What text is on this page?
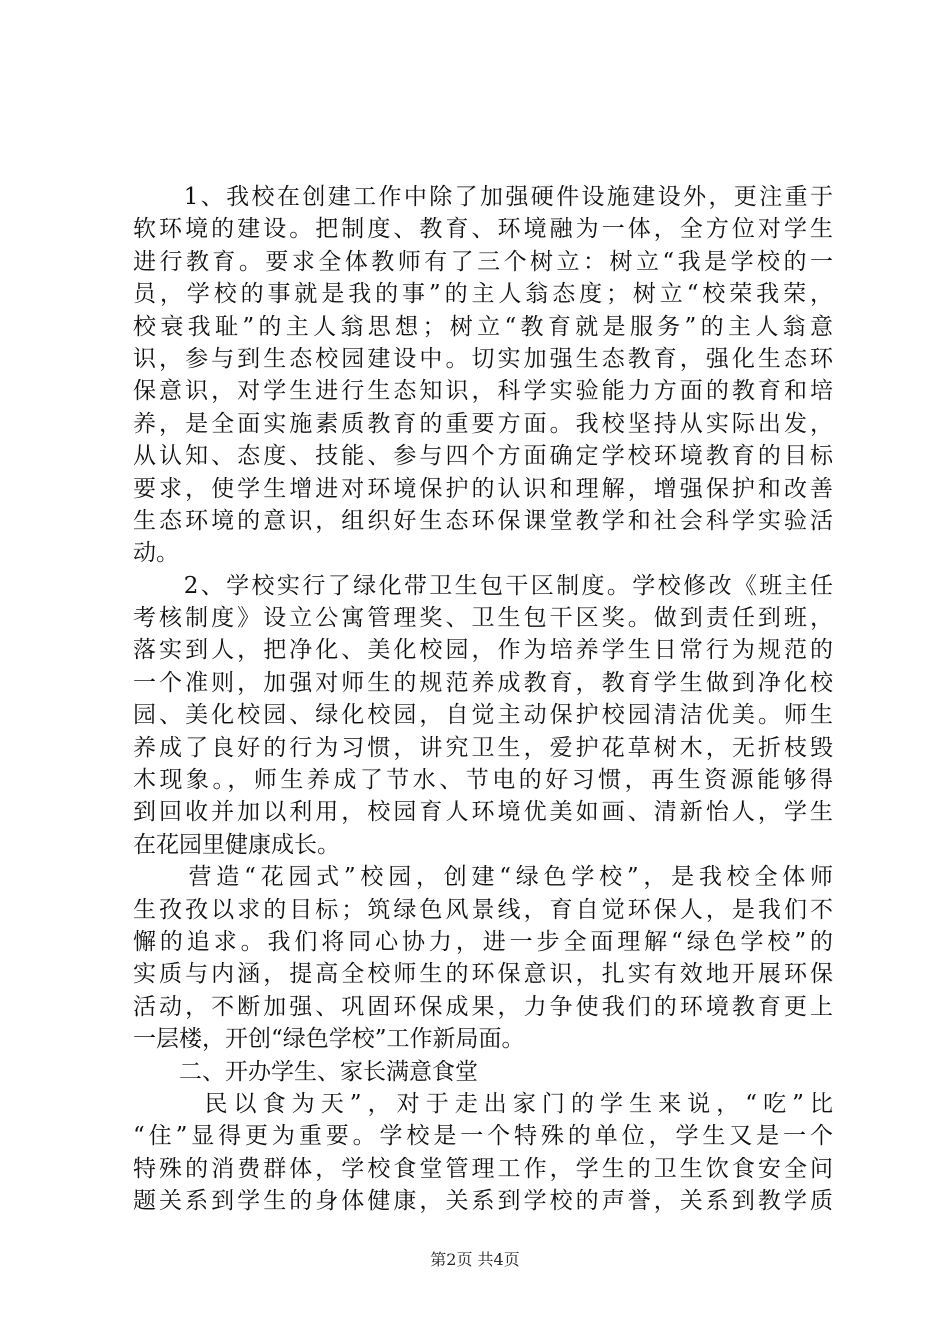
　　1、我校在创建工作中除了加强硬件设施建设外，更注重于
软环境的建设。把制度、教育、环境融为一体，全方位对学生
进行教育。要求全体教师有了三个树立：树立“我是学校的一
员，学校的事就是我的事”的主人翁态度；树立“校荣我荣，
校衰我耻”的主人翁思想；树立“教育就是服务”的主人翁意
识，参与到生态校园建设中。切实加强生态教育，强化生态环
保意识，对学生进行生态知识，科学实验能力方面的教育和培
养，是全面实施素质教育的重要方面。我校坚持从实际出发，
从认知、态度、技能、参与四个方面确定学校环境教育的目标
要求，使学生增进对环境保护的认识和理解，增强保护和改善
生态环境的意识，组织好生态环保课堂教学和社会科学实验活
动。
　　2、学校实行了绿化带卫生包干区制度。学校修改《班主任
考核制度》设立公寓管理奖、卫生包干区奖。做到责任到班，
落实到人，把净化、美化校园，作为培养学生日常行为规范的
一个准则，加强对师生的规范养成教育，教育学生做到净化校
园、美化校园、绿化校园，自觉主动保护校园清洁优美。师生
养成了良好的行为习惯，讲究卫生，爱护花草树木，无折枝毁
木现象。，师生养成了节水、节电的好习惯，再生资源能够得
到回收并加以利用，校园育人环境优美如画、清新怡人，学生
在花园里健康成长。
　　营造“花园式”校园，创建“绿色学校”，是我校全体师
生孜孜以求的目标；筑绿色风景线，育自觉环保人，是我们不
懈的追求。我们将同心协力，进一步全面理解“绿色学校”的
实质与内涵，提高全校师生的环保意识，扎实有效地开展环保
活动，不断加强、巩固环保成果，力争使我们的环境教育更上
一层楼，开创“绿色学校”工作新局面。
　　二、开办学生、家长满意食堂
　　 民以食为天”，对于走出家门的学生来说，“吃”比
“住”显得更为重要。学校是一个特殊的单位，学生又是一个
特殊的消费群体，学校食堂管理工作，学生的卫生饮食安全问
题关系到学生的身体健康，关系到学校的声誉，关系到教学质
第2页 共4页
